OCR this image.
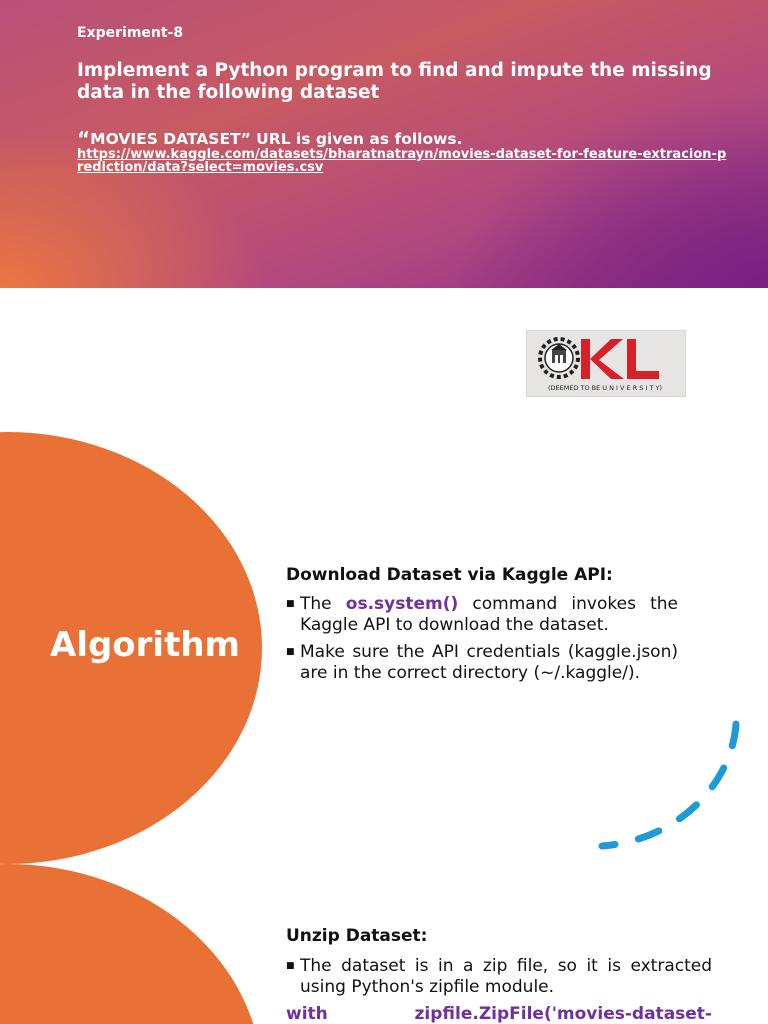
Experiment-8
Implement a Python program to find and impute the missing data in the following dataset
“MOVIES DATASET” URL is given as follows.
https://www.kaggle.com/datasets/bharatnatrayn/movies-dataset-for-feature-extracion-prediction/data?select=movies.csv
(DEEMED TO BE U N I V E R S I T Y)
Algorithm
Download Dataset via Kaggle API:
■ The os.system() command invokes the Kaggle API to download the dataset.
■ Make sure the API credentials (kaggle.json) are in the correct directory (~/.kaggle/).
Unzip Dataset:
■ The dataset is in a zip file, so it is extracted using Python's zipfile module.
with	zipfile.ZipFile('movies-dataset-
